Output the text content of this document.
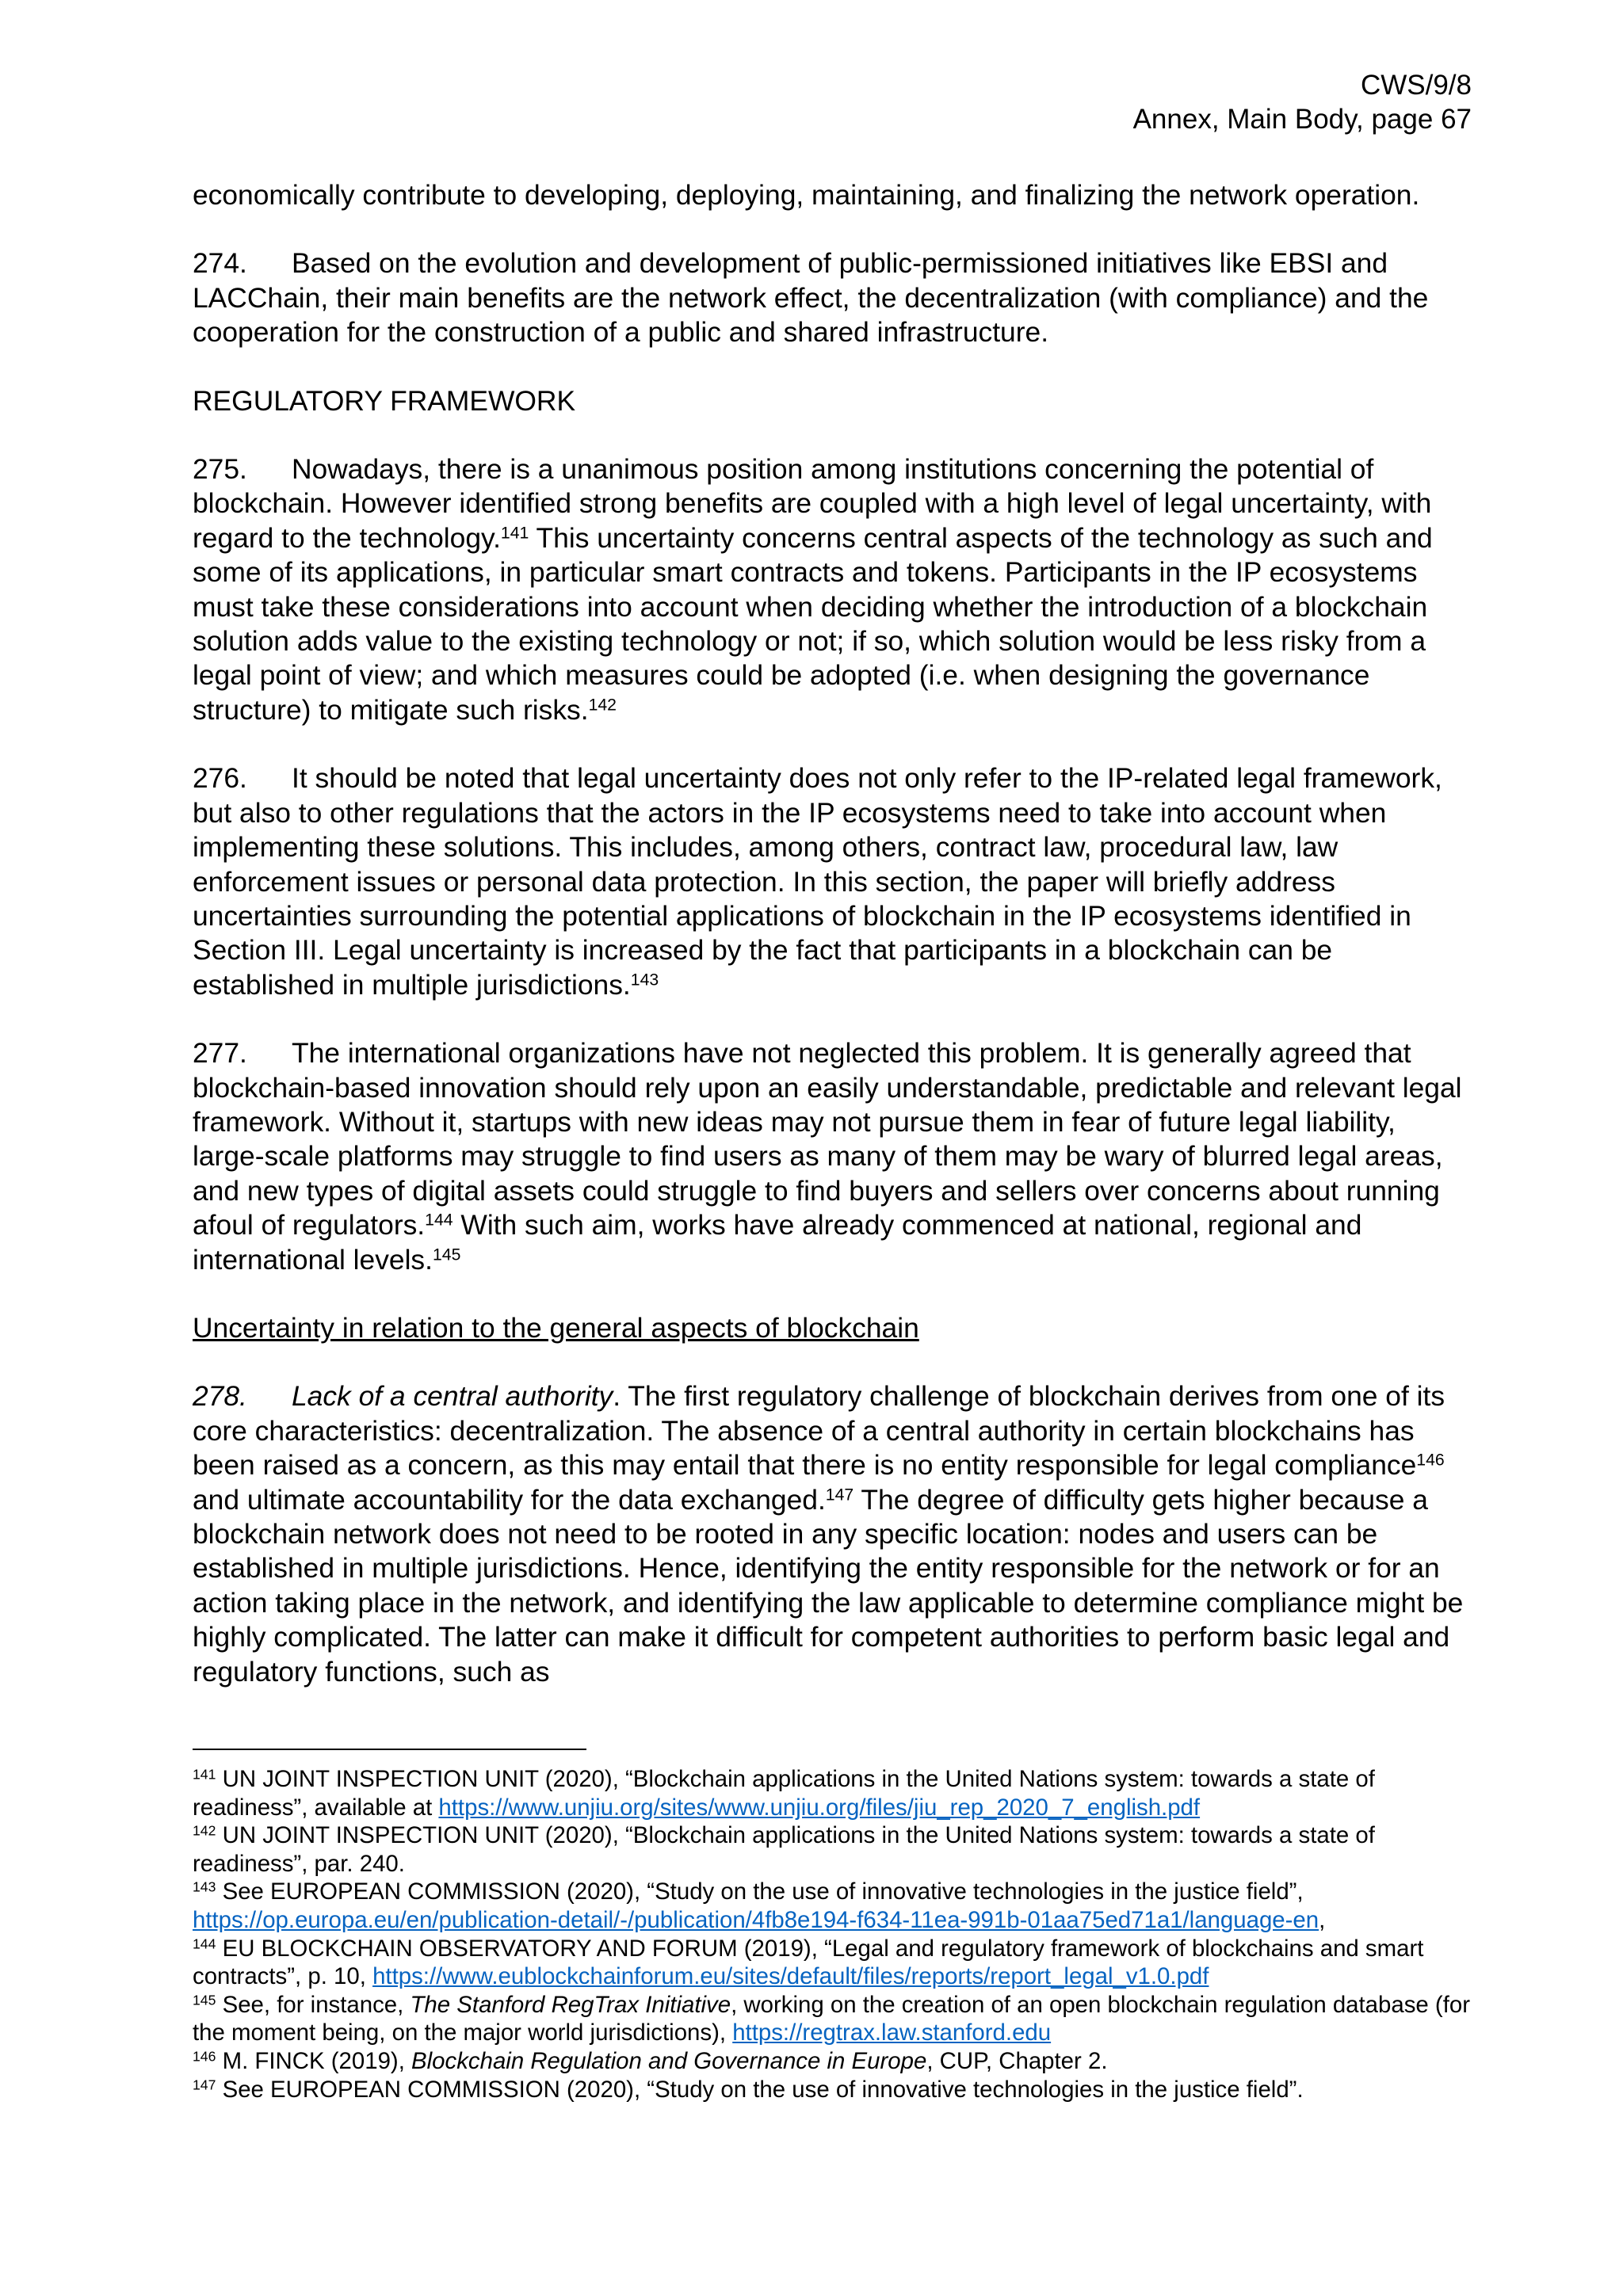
CWS/9/8
Annex, Main Body, page 67

economically contribute to developing, deploying, maintaining, and finalizing the network operation.

274. Based on the evolution and development of public-permissioned initiatives like EBSI and LACChain, their main benefits are the network effect, the decentralization (with compliance) and the cooperation for the construction of a public and shared infrastructure.

REGULATORY FRAMEWORK

275. Nowadays, there is a unanimous position among institutions concerning the potential of blockchain. However identified strong benefits are coupled with a high level of legal uncertainty, with regard to the technology.$^{141}$ This uncertainty concerns central aspects of the technology as such and some of its applications, in particular smart contracts and tokens. Participants in the IP ecosystems must take these considerations into account when deciding whether the introduction of a blockchain solution adds value to the existing technology or not; if so, which solution would be less risky from a legal point of view; and which measures could be adopted (i.e. when designing the governance structure) to mitigate such risks.$^{142}$

276. It should be noted that legal uncertainty does not only refer to the IP-related legal framework, but also to other regulations that the actors in the IP ecosystems need to take into account when implementing these solutions. This includes, among others, contract law, procedural law, law enforcement issues or personal data protection. In this section, the paper will briefly address uncertainties surrounding the potential applications of blockchain in the IP ecosystems identified in Section III. Legal uncertainty is increased by the fact that participants in a blockchain can be established in multiple jurisdictions.$^{143}$

277. The international organizations have not neglected this problem. It is generally agreed that blockchain-based innovation should rely upon an easily understandable, predictable and relevant legal framework. Without it, startups with new ideas may not pursue them in fear of future legal liability, large-scale platforms may struggle to find users as many of them may be wary of blurred legal areas, and new types of digital assets could struggle to find buyers and sellers over concerns about running afoul of regulators.$^{144}$ With such aim, works have already commenced at national, regional and international levels.$^{145}$

Uncertainty in relation to the general aspects of blockchain

278. Lack of a central authority. The first regulatory challenge of blockchain derives from one of its core characteristics: decentralization. The absence of a central authority in certain blockchains has been raised as a concern, as this may entail that there is no entity responsible for legal compliance$^{146}$ and ultimate accountability for the data exchanged.$^{147}$ The degree of difficulty gets higher because a blockchain network does not need to be rooted in any specific location: nodes and users can be established in multiple jurisdictions. Hence, identifying the entity responsible for the network or for an action taking place in the network, and identifying the law applicable to determine compliance might be highly complicated. The latter can make it difficult for competent authorities to perform basic legal and regulatory functions, such as

$^{141}$ UN JOINT INSPECTION UNIT (2020), “Blockchain applications in the United Nations system: towards a state of readiness”, available at https://www.unjiu.org/sites/www.unjiu.org/files/jiu_rep_2020_7_english.pdf

$^{142}$ UN JOINT INSPECTION UNIT (2020), “Blockchain applications in the United Nations system: towards a state of readiness”, par. 240.

$^{143}$ See EUROPEAN COMMISSION (2020), “Study on the use of innovative technologies in the justice field”, https://op.europa.eu/en/publication-detail/-/publication/4fb8e194-f634-11ea-991b-01aa75ed71a1/language-en,

$^{144}$ EU BLOCKCHAIN OBSERVATORY AND FORUM (2019), “Legal and regulatory framework of blockchains and smart contracts”, p. 10, https://www.eublockchainforum.eu/sites/default/files/reports/report_legal_v1.0.pdf

$^{145}$ See, for instance, The Stanford RegTrax Initiative, working on the creation of an open blockchain regulation database (for the moment being, on the major world jurisdictions), https://regtrax.law.stanford.edu

$^{146}$ M. FINCK (2019), Blockchain Regulation and Governance in Europe, CUP, Chapter 2.

$^{147}$ See EUROPEAN COMMISSION (2020), “Study on the use of innovative technologies in the justice field”.
